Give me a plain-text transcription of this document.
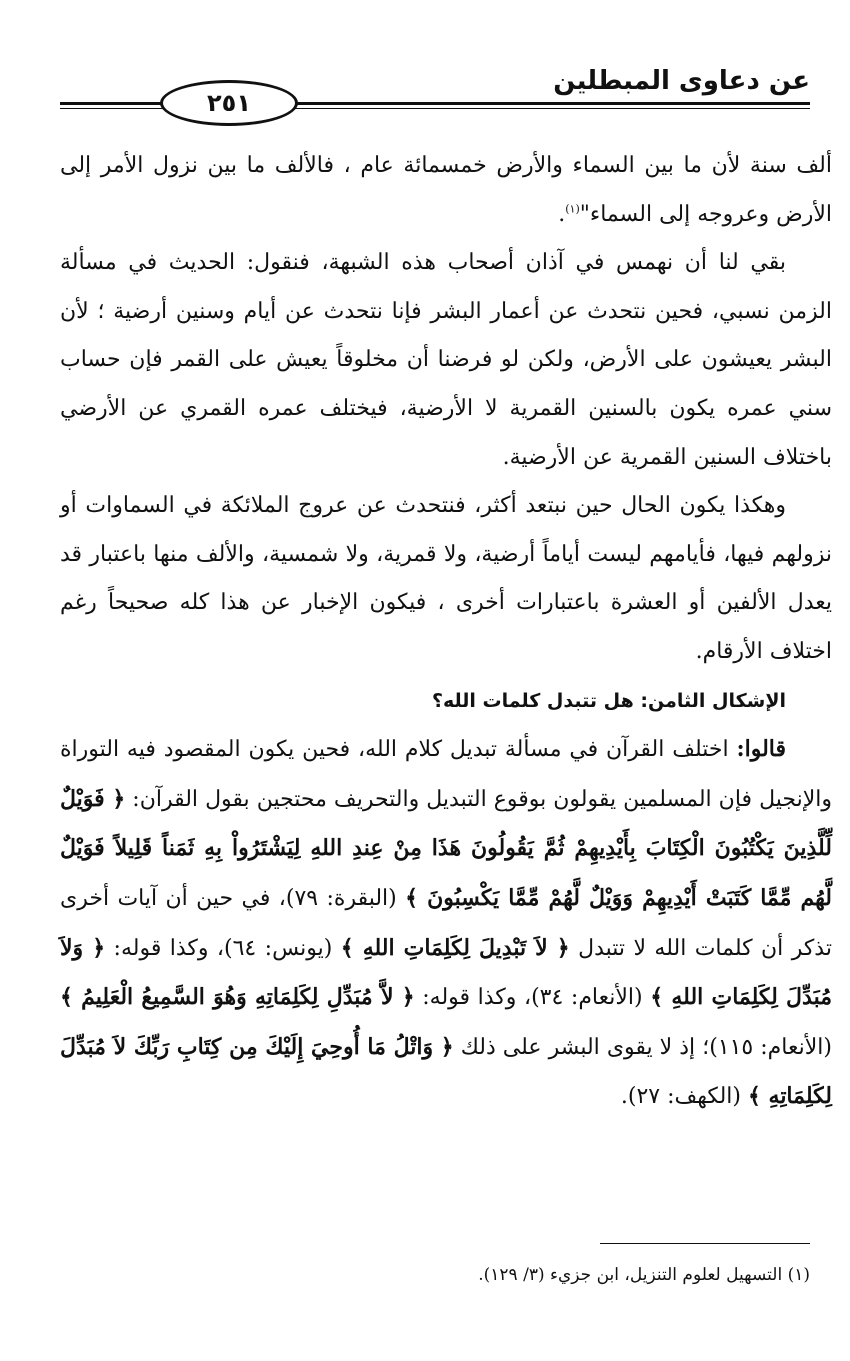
عن دعاوى المبطلين
٢٥١

ألف سنة لأن ما بين السماء والأرض خمسمائة عام ، فالألف ما بين نزول الأمر إلى الأرض وعروجه إلى السماء"$^{(١)}$.

بقي لنا أن نهمس في آذان أصحاب هذه الشبهة، فنقول: الحديث في مسألة الزمن نسبي، فحين نتحدث عن أعمار البشر فإنا نتحدث عن أيام وسنين أرضية ؛ لأن البشر يعيشون على الأرض، ولكن لو فرضنا أن مخلوقاً يعيش على القمر فإن حساب سني عمره يكون بالسنين القمرية لا الأرضية، فيختلف عمره القمري عن الأرضي باختلاف السنين القمرية عن الأرضية.

وهكذا يكون الحال حين نبتعد أكثر، فنتحدث عن عروج الملائكة في السماوات أو نزولهم فيها، فأيامهم ليست أياماً أرضية، ولا قمرية، ولا شمسية، والألف منها باعتبار قد يعدل الألفين أو العشرة باعتبارات أخرى ، فيكون الإخبار عن هذا كله صحيحاً رغم اختلاف الأرقام.

الإشكال الثامن: هل تتبدل كلمات الله؟

قالوا: اختلف القرآن في مسألة تبديل كلام الله، فحين يكون المقصود فيه التوراة والإنجيل فإن المسلمين يقولون بوقوع التبديل والتحريف محتجين بقول القرآن: ﴿ فَوَيْلٌ لِّلَّذِينَ يَكْتُبُونَ الْكِتَابَ بِأَيْدِيهِمْ ثُمَّ يَقُولُونَ هَذَا مِنْ عِندِ اللهِ لِيَشْتَرُواْ بِهِ ثَمَناً قَلِيلاً فَوَيْلٌ لَّهُم مِّمَّا كَتَبَتْ أَيْدِيهِمْ وَوَيْلٌ لَّهُمْ مِّمَّا يَكْسِبُونَ ﴾ (البقرة: ٧٩)، في حين أن آيات أخرى تذكر أن كلمات الله لا تتبدل ﴿ لاَ تَبْدِيلَ لِكَلِمَاتِ اللهِ ﴾ (يونس: ٦٤)، وكذا قوله: ﴿ وَلاَ مُبَدِّلَ لِكَلِمَاتِ اللهِ ﴾ (الأنعام: ٣٤)، وكذا قوله: ﴿ لاَّ مُبَدِّلِ لِكَلِمَاتِهِ وَهُوَ السَّمِيعُ الْعَلِيمُ ﴾ (الأنعام: ١١٥)؛ إذ لا يقوى البشر على ذلك ﴿ وَاتْلُ مَا أُوحِيَ إِلَيْكَ مِن كِتَابِ رَبِّكَ لاَ مُبَدِّلَ لِكَلِمَاتِهِ ﴾ (الكهف: ٢٧).

(١) التسهيل لعلوم التنزيل، ابن جزيء (٣/ ١٢٩).
